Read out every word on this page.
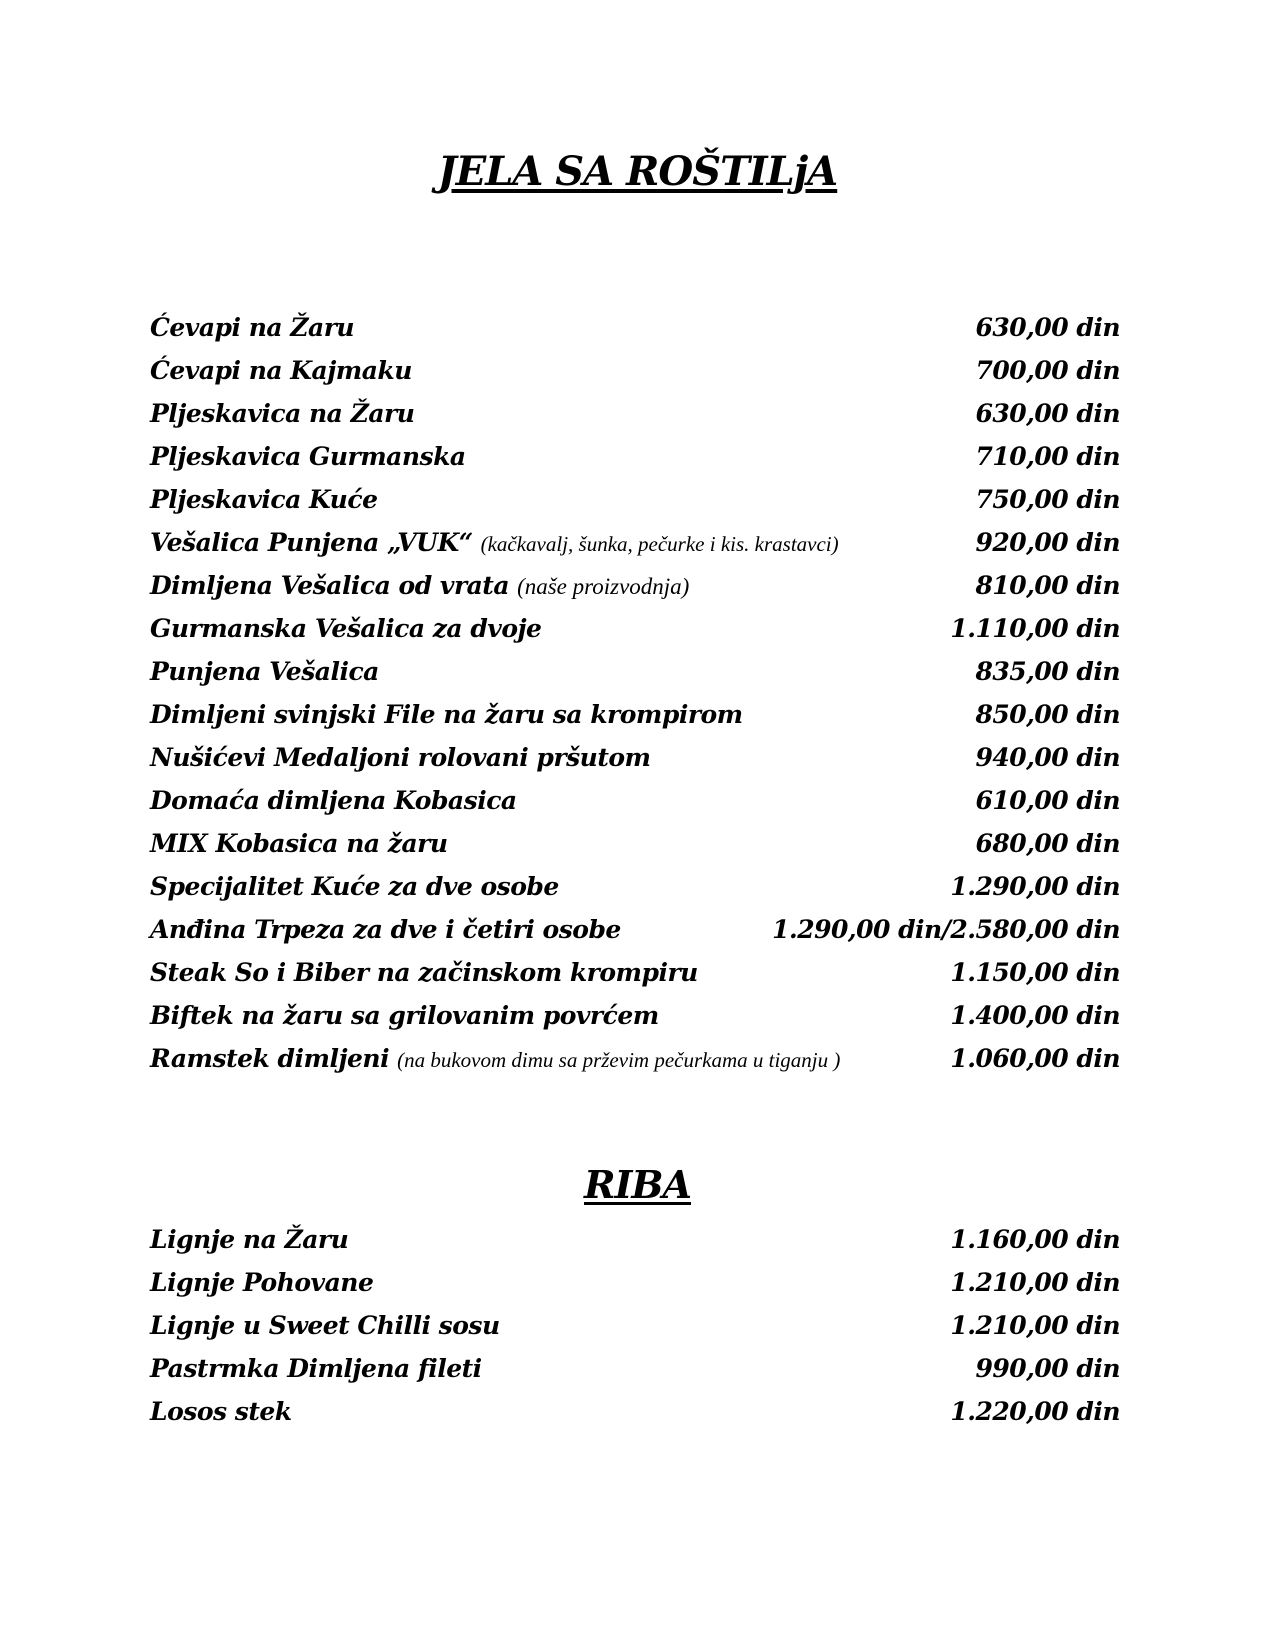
JELA SA ROŠTILjA
Ćevapi na Žaru	630,00 din
Ćevapi na Kajmaku	700,00 din
Pljeskavica na Žaru	630,00 din
Pljeskavica Gurmanska	710,00 din
Pljeskavica Kuće	750,00 din
Vešalica Punjena „VUK“ (kačkavalj, šunka, pečurke i kis. krastavci)	920,00 din
Dimljena Vešalica od vrata (naše proizvodnja)	810,00 din
Gurmanska Vešalica za dvoje	1.110,00 din
Punjena Vešalica	835,00 din
Dimljeni svinjski File na žaru sa krompirom	850,00 din
Nušićevi Medaljoni rolovani pršutom	940,00 din
Domaća dimljena Kobasica	610,00 din
MIX Kobasica na žaru	680,00 din
Specijalitet Kuće za dve osobe	1.290,00 din
Anđina Trpeza za dve i četiri osobe	1.290,00 din/2.580,00 din
Steak So i Biber na začinskom krompiru	1.150,00 din
Biftek na žaru sa grilovanim povrćem	1.400,00 din
Ramstek dimljeni (na bukovom dimu sa prževim pečurkama u tiganju )	1.060,00 din
RIBA
Lignje na Žaru	1.160,00 din
Lignje Pohovane	1.210,00 din
Lignje u Sweet Chilli sosu	1.210,00 din
Pastrmka Dimljena fileti	990,00 din
Losos stek	1.220,00 din
